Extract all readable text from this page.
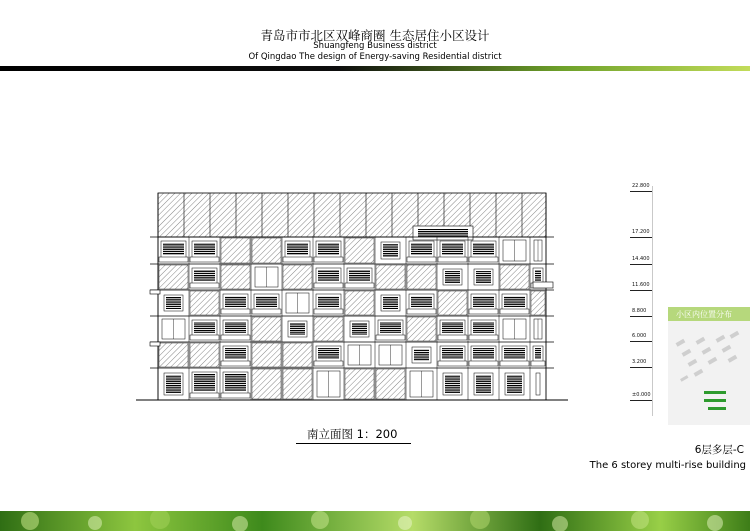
青岛市市北区双峰商圈 生态居住小区设计
Shuangfeng Business district
Of Qingdao The design of Energy-saving Residential district
南立面图 1：200
22.800
17.200
14.400
11.600
8.800
6.000
3.200
±0.000
小区内位置分布
6层多层-C
The 6 storey multi-rise building
